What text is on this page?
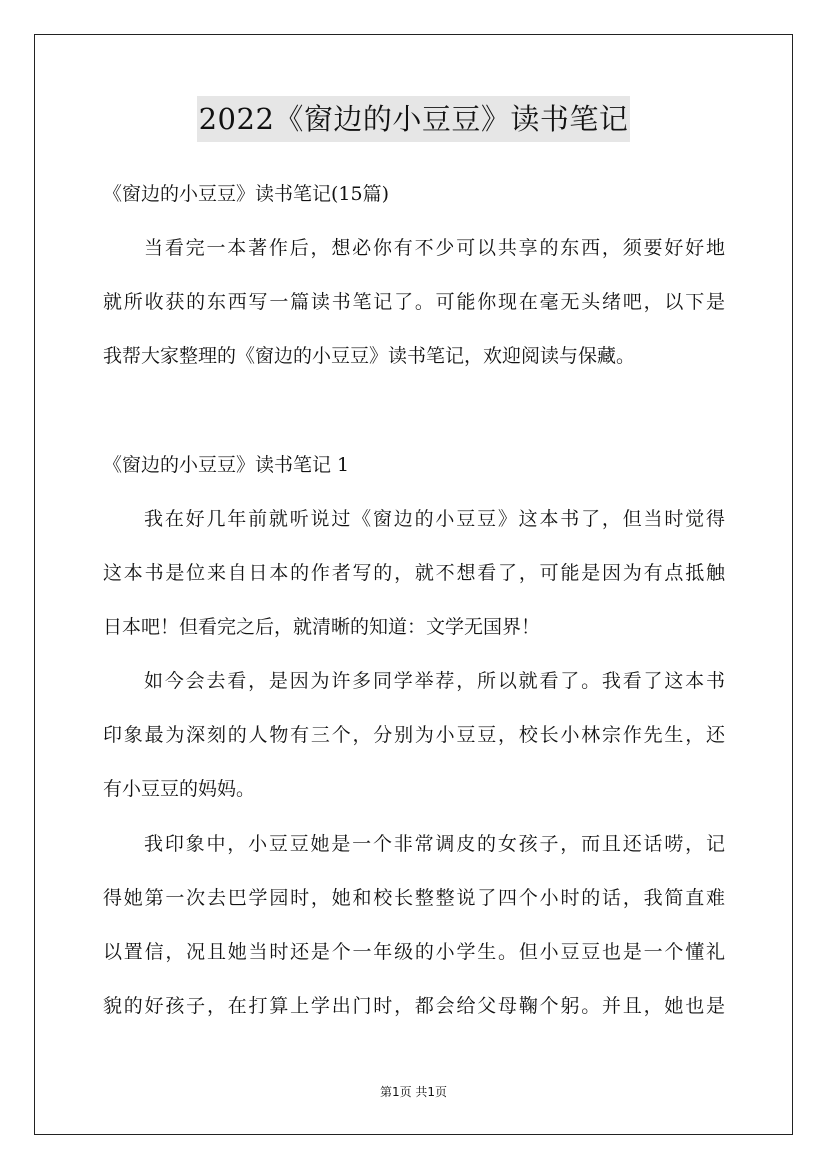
2022《窗边的小豆豆》读书笔记
《窗边的小豆豆》读书笔记(15篇)
当看完一本著作后，想必你有不少可以共享的东西，须要好好地
就所收获的东西写一篇读书笔记了。可能你现在毫无头绪吧，以下是
我帮大家整理的《窗边的小豆豆》读书笔记，欢迎阅读与保藏。
《窗边的小豆豆》读书笔记 1
我在好几年前就听说过《窗边的小豆豆》这本书了，但当时觉得
这本书是位来自日本的作者写的，就不想看了，可能是因为有点抵触
日本吧！但看完之后，就清晰的知道：文学无国界！
如今会去看，是因为许多同学举荐，所以就看了。我看了这本书
印象最为深刻的人物有三个，分别为小豆豆，校长小林宗作先生，还
有小豆豆的妈妈。
我印象中，小豆豆她是一个非常调皮的女孩子，而且还话唠，记
得她第一次去巴学园时，她和校长整整说了四个小时的话，我简直难
以置信，况且她当时还是个一年级的小学生。但小豆豆也是一个懂礼
貌的好孩子，在打算上学出门时，都会给父母鞠个躬。并且，她也是
第1页 共1页
